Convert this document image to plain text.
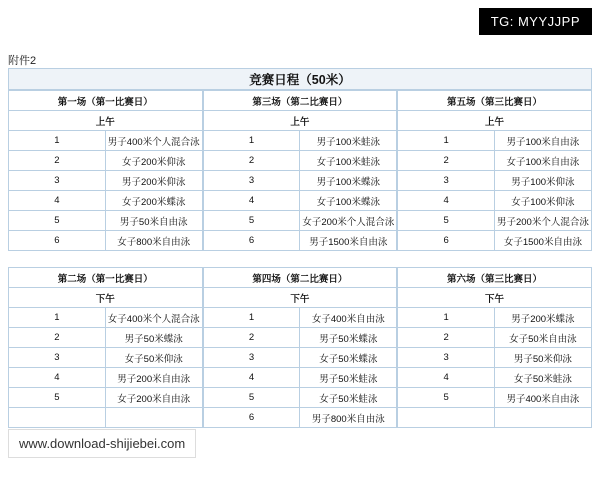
TG: MYYJJPP
附件2
竞赛日程（50米）
第一场（第一比赛日）	
上午	
1	男子400米个人混合泳
2	女子200米仰泳
3	男子200米仰泳
4	女子200米蝶泳
5	男子50米自由泳
6	女子800米自由泳
第三场（第二比赛日）	
上午	
1	男子100米蛙泳
2	女子100米蛙泳
3	男子100米蝶泳
4	女子100米蝶泳
5	女子200米个人混合泳
6	男子1500米自由泳
第五场（第三比赛日）	
上午	
1	男子100米自由泳
2	女子100米自由泳
3	男子100米仰泳
4	女子100米仰泳
5	男子200米个人混合泳
6	女子1500米自由泳
第二场（第一比赛日）	
下午	
1	女子400米个人混合泳
2	男子50米蝶泳
3	女子50米仰泳
4	男子200米自由泳
5	女子200米自由泳

第四场（第二比赛日）	
下午	
1	女子400米自由泳
2	男子50米蝶泳
3	女子50米蝶泳
4	男子50米蛙泳
5	女子50米蛙泳
6	男子800米自由泳
第六场（第三比赛日）	
下午	
1	男子200米蝶泳
2	女子50米自由泳
3	男子50米仰泳
4	女子50米蛙泳
5	男子400米自由泳

www.download-shijiebei.com
